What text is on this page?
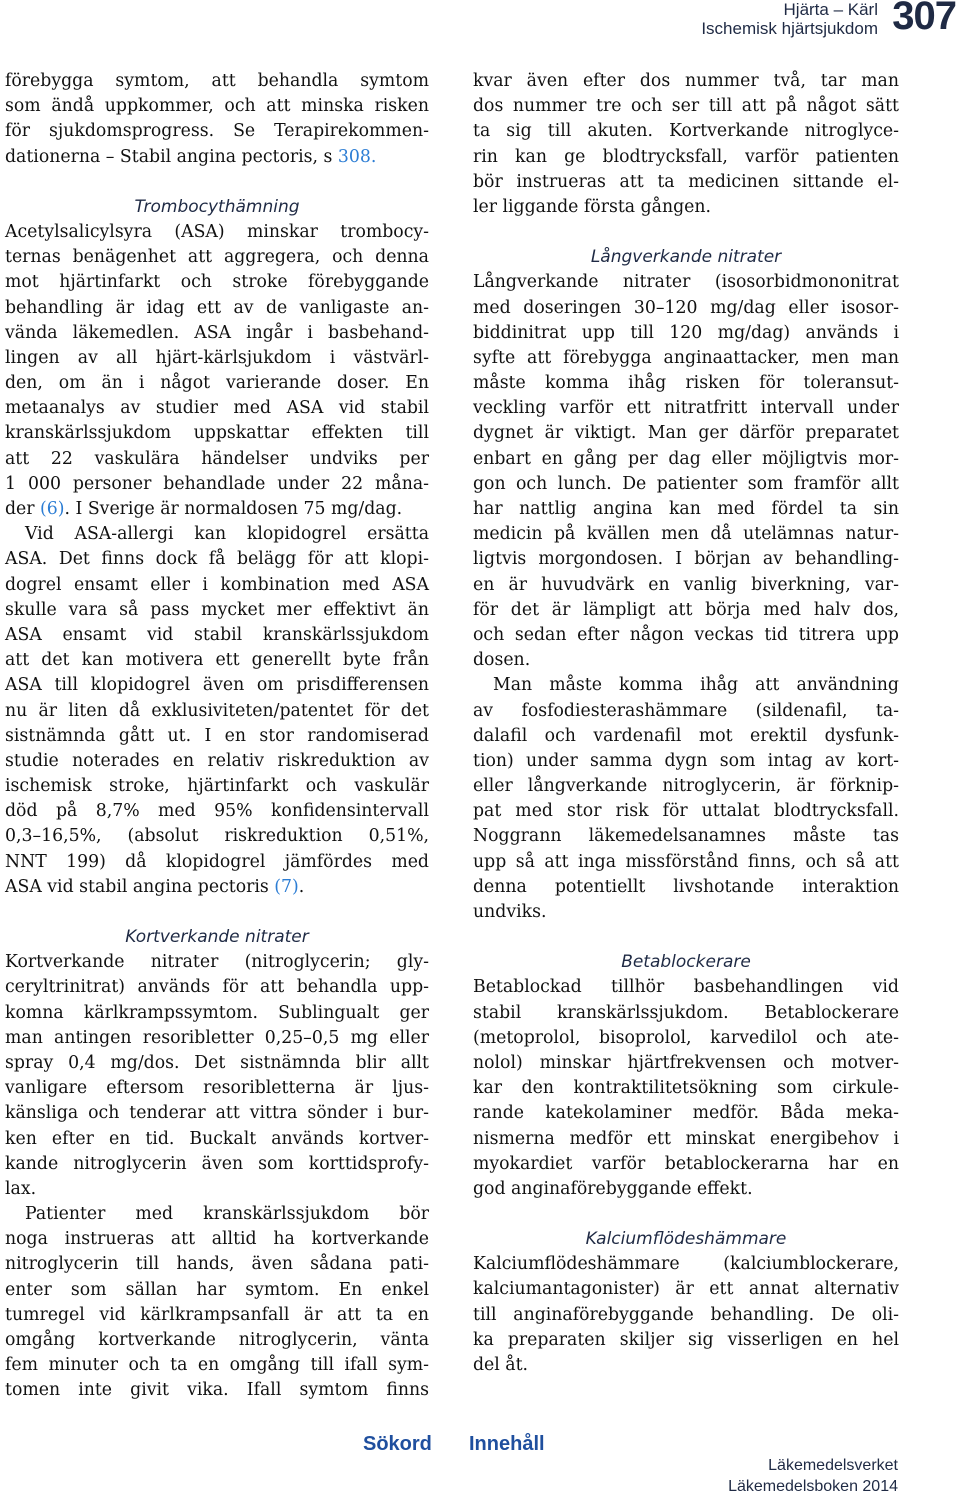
Hjärta – Kärl
Ischemisk hjärtsjukdom 307
förebygga symtom, att behandla symtom
som ändå uppkommer, och att minska risken
för sjukdomsprogress. Se Terapirekommen-
dationerna – Stabil angina pectoris, s 308.
Trombocythämning
Acetylsalicylsyra (ASA) minskar trombocy-
ternas benägenhet att aggregera, och denna
mot hjärtinfarkt och stroke förebyggande
behandling är idag ett av de vanligaste an-
vända läkemedlen. ASA ingår i basbehand-
lingen av all hjärt-kärlsjukdom i västvärl-
den, om än i något varierande doser. En
metaanalys av studier med ASA vid stabil
kranskärlssjukdom uppskattar effekten till
att 22 vaskulära händelser undviks per
1 000 personer behandlade under 22 måna-
der (6). I Sverige är normaldosen 75 mg/dag.
Vid ASA-allergi kan klopidogrel ersätta
ASA. Det finns dock få belägg för att klopi-
dogrel ensamt eller i kombination med ASA
skulle vara så pass mycket mer effektivt än
ASA ensamt vid stabil kranskärlssjukdom
att det kan motivera ett generellt byte från
ASA till klopidogrel även om prisdifferensen
nu är liten då exklusiviteten/patentet för det
sistnämnda gått ut. I en stor randomiserad
studie noterades en relativ riskreduktion av
ischemisk stroke, hjärtinfarkt och vaskulär
död på 8,7% med 95% konfidensintervall
0,3–16,5%, (absolut riskreduktion 0,51%,
NNT 199) då klopidogrel jämfördes med
ASA vid stabil angina pectoris (7).
Kortverkande nitrater
Kortverkande nitrater (nitroglycerin; gly-
ceryltrinitrat) används för att behandla upp-
komna kärlkrampssymtom. Sublingualt ger
man antingen resoribletter 0,25–0,5 mg eller
spray 0,4 mg/dos. Det sistnämnda blir allt
vanligare eftersom resoribletterna är ljus-
känsliga och tenderar att vittra sönder i bur-
ken efter en tid. Buckalt används kortver-
kande nitroglycerin även som korttidsprofy-
lax.
Patienter med kranskärlssjukdom bör
noga instrueras att alltid ha kortverkande
nitroglycerin till hands, även sådana pati-
enter som sällan har symtom. En enkel
tumregel vid kärlkrampsanfall är att ta en
omgång kortverkande nitroglycerin, vänta
fem minuter och ta en omgång till ifall sym-
tomen inte givit vika. Ifall symtom finns
kvar även efter dos nummer två, tar man
dos nummer tre och ser till att på något sätt
ta sig till akuten. Kortverkande nitroglyce-
rin kan ge blodtrycksfall, varför patienten
bör instrueras att ta medicinen sittande el-
ler liggande första gången.
Långverkande nitrater
Långverkande nitrater (isosorbidmononitrat
med doseringen 30–120 mg/dag eller isosor-
biddinitrat upp till 120 mg/dag) används i
syfte att förebygga anginaattacker, men man
måste komma ihåg risken för toleransut-
veckling varför ett nitratfritt intervall under
dygnet är viktigt. Man ger därför preparatet
enbart en gång per dag eller möjligtvis mor-
gon och lunch. De patienter som framför allt
har nattlig angina kan med fördel ta sin
medicin på kvällen men då utelämnas natur-
ligtvis morgondosen. I början av behandling-
en är huvudvärk en vanlig biverkning, var-
för det är lämpligt att börja med halv dos,
och sedan efter någon veckas tid titrera upp
dosen.
Man måste komma ihåg att användning
av fosfodiesterashämmare (sildenafil, ta-
dalafil och vardenafil mot erektil dysfunk-
tion) under samma dygn som intag av kort-
eller långverkande nitroglycerin, är förknip-
pat med stor risk för uttalat blodtrycksfall.
Noggrann läkemedelsanamnes måste tas
upp så att inga missförstånd finns, och så att
denna potentiellt livshotande interaktion
undviks.
Betablockerare
Betablockad tillhör basbehandlingen vid
stabil kranskärlssjukdom. Betablockerare
(metoprolol, bisoprolol, karvedilol och ate-
nolol) minskar hjärtfrekvensen och motver-
kar den kontraktilitetsökning som cirkule-
rande katekolaminer medför. Båda meka-
nismerna medför ett minskat energibehov i
myokardiet varför betablockerarna har en
god anginaförebyggande effekt.
Kalciumflödeshämmare
Kalciumflödeshämmare (kalciumblockerare,
kalciumantagonister) är ett annat alternativ
till anginaförebyggande behandling. De oli-
ka preparaten skiljer sig visserligen en hel
del åt.
Sökord Innehåll
Läkemedelsverket
Läkemedelsboken 2014
